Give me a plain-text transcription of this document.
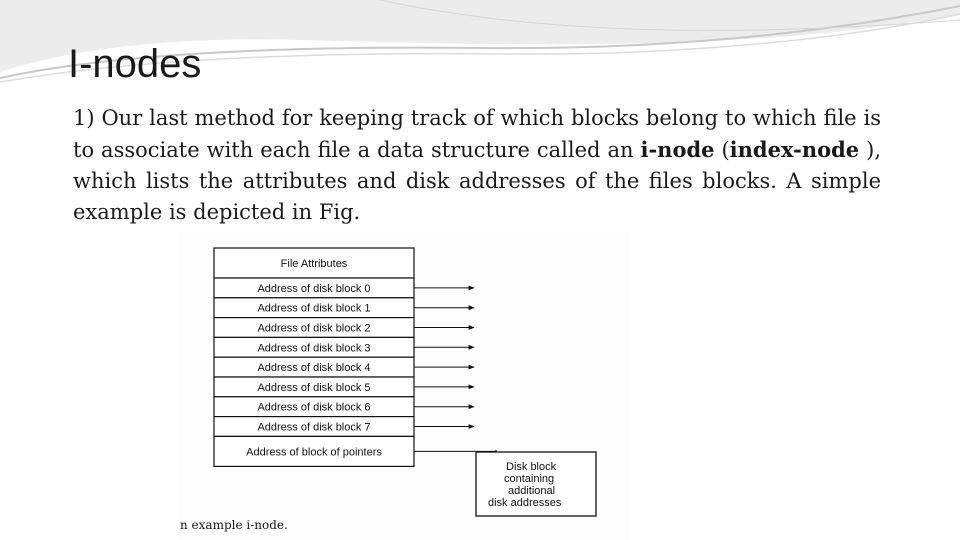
I-nodes

1) Our last method for keeping track of which blocks belong to which file is to associate with each file a data structure called an i-node (index-node ), which lists the attributes and disk addresses of the files blocks. A simple example is depicted in Fig.

File Attributes
Address of disk block 0
Address of disk block 1
Address of disk block 2
Address of disk block 3
Address of disk block 4
Address of disk block 5
Address of disk block 6
Address of disk block 7
Address of block of pointers
Disk block
containing
additional
disk addresses
n example i-node.
